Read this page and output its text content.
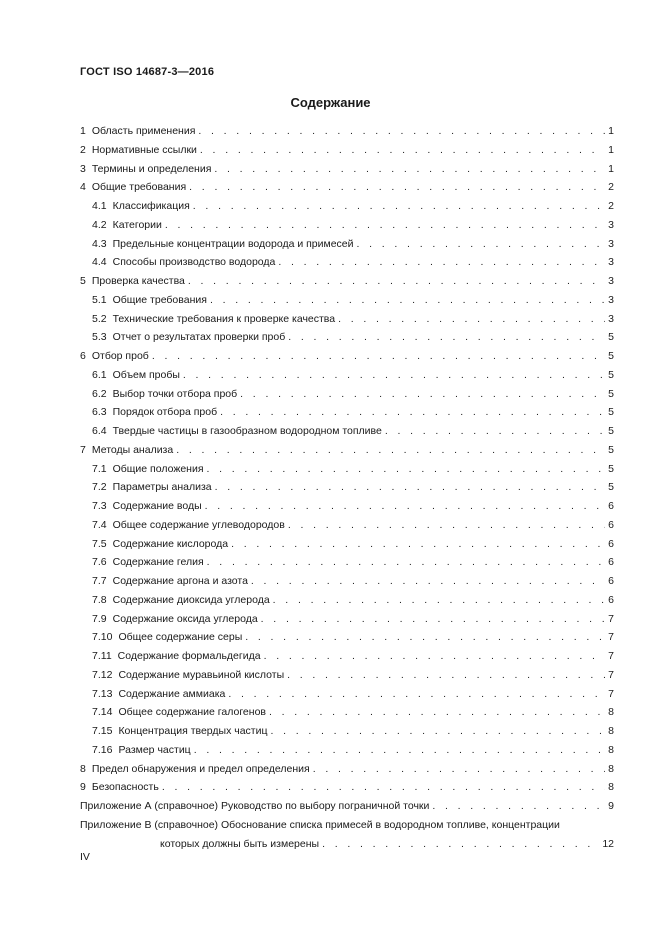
ГОСТ ISO 14687-3—2016
Содержание
1 Область применения . . .	1
2 Нормативные ссылки . . .	1
3 Термины и определения . . .	1
4 Общие требования . . .	2
4.1 Классификация . . .	2
4.2 Категории . . .	3
4.3 Предельные концентрации водорода и примесей . . .	3
4.4 Способы производство водорода . . .	3
5 Проверка качества . . .	3
5.1 Общие требования . . .	3
5.2 Технические требования к проверке качества . . .	3
5.3 Отчет о результатах проверки проб . . .	5
6 Отбор проб . . .	5
6.1 Объем пробы . . .	5
6.2 Выбор точки отбора проб . . .	5
6.3 Порядок отбора проб . . .	5
6.4 Твердые частицы в газообразном водородном топливе . . .	5
7 Методы анализа . . .	5
7.1 Общие положения . . .	5
7.2 Параметры анализа . . .	5
7.3 Содержание воды . . .	6
7.4 Общее содержание углеводородов . . .	6
7.5 Содержание кислорода . . .	6
7.6 Содержание гелия . . .	6
7.7 Содержание аргона и азота . . .	6
7.8 Содержание диоксида углерода . . .	6
7.9 Содержание оксида углерода . . .	7
7.10 Общее содержание серы . . .	7
7.11 Содержание формальдегида . . .	7
7.12 Содержание муравьиной кислоты . . .	7
7.13 Содержание аммиака . . .	7
7.14 Общее содержание галогенов . . .	8
7.15 Концентрация твердых частиц . . .	8
7.16 Размер частиц . . .	8
8 Предел обнаружения и предел определения . . .	8
9 Безопасность . . .	8
Приложение А (справочное) Руководство по выбору пограничной точки . . .	9
Приложение В (справочное) Обоснование списка примесей в водородном топливе, концентрации
которых должны быть измерены . . .	12
IV
